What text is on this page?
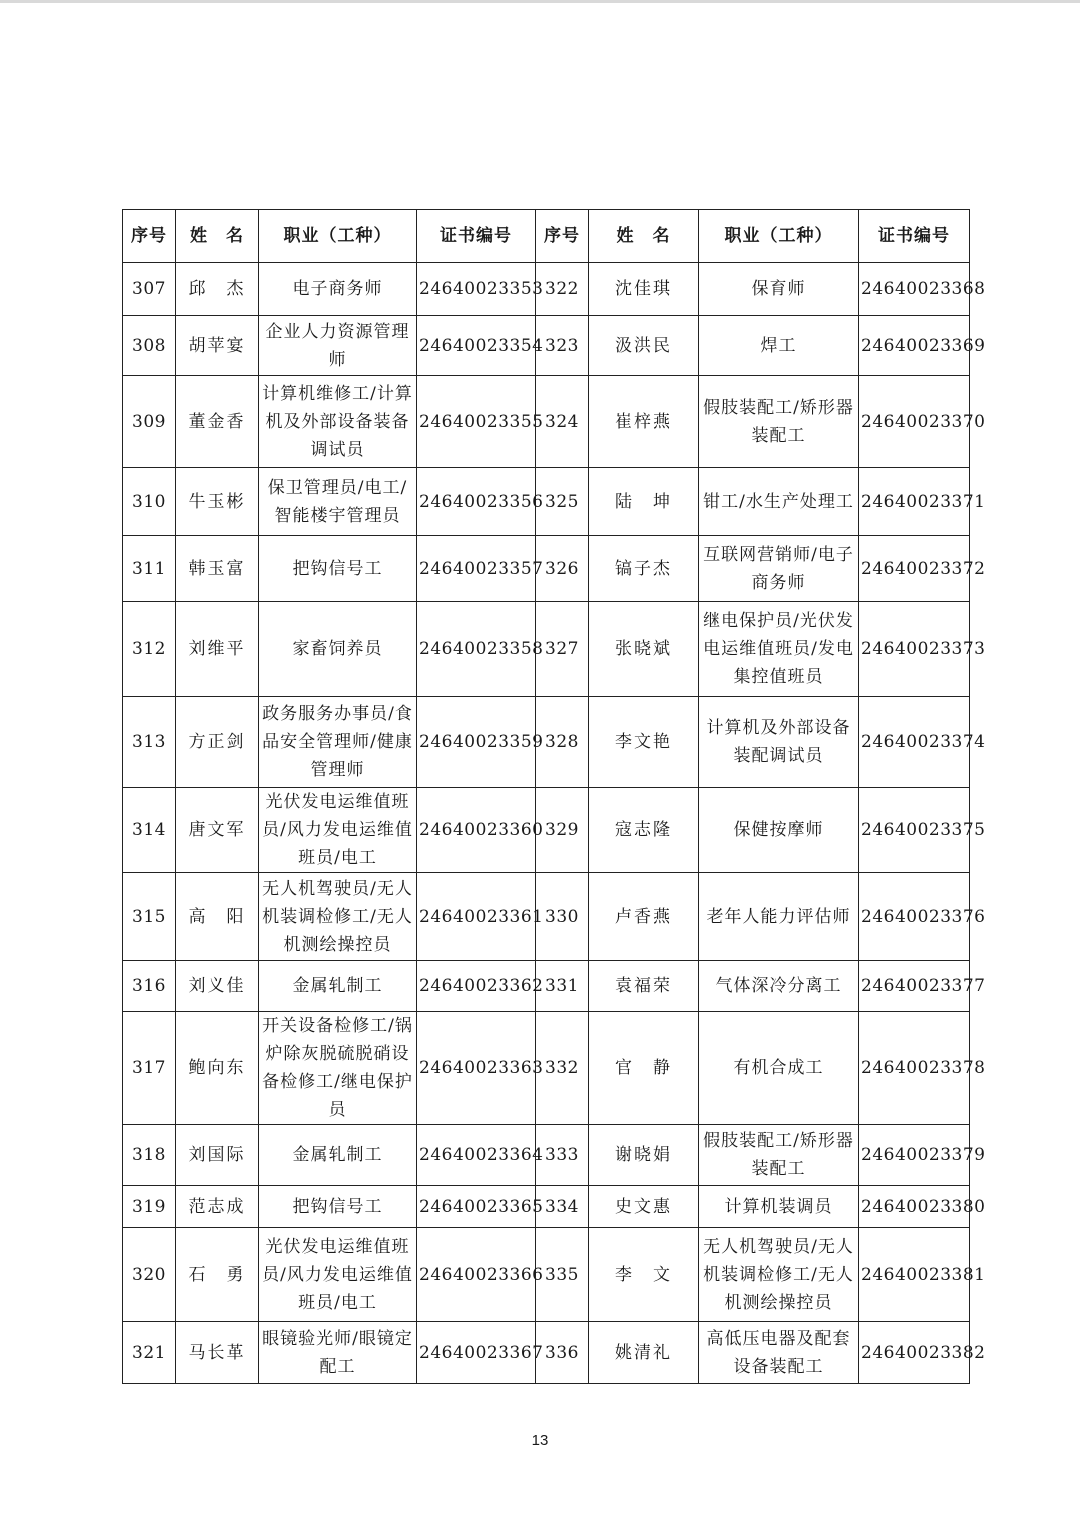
序号	姓　名	职业（工种）	证书编号	序号	姓　名	职业（工种）	证书编号
307	邱　杰	电子商务师	24640023353	322	沈佳琪	保育师	24640023368
308	胡苹宴	企业人力资源管理师	24640023354	323	汲洪民	焊工	24640023369
309	董金香	计算机维修工/计算机及外部设备装备调试员	24640023355	324	崔梓燕	假肢装配工/矫形器装配工	24640023370
310	牛玉彬	保卫管理员/电工/智能楼宇管理员	24640023356	325	陆　坤	钳工/水生产处理工	24640023371
311	韩玉富	把钩信号工	24640023357	326	镐子杰	互联网营销师/电子商务师	24640023372
312	刘维平	家畜饲养员	24640023358	327	张晓斌	继电保护员/光伏发电运维值班员/发电集控值班员	24640023373
313	方正剑	政务服务办事员/食品安全管理师/健康管理师	24640023359	328	李文艳	计算机及外部设备装配调试员	24640023374
314	唐文军	光伏发电运维值班员/风力发电运维值班员/电工	24640023360	329	寇志隆	保健按摩师	24640023375
315	高　阳	无人机驾驶员/无人机装调检修工/无人机测绘操控员	24640023361	330	卢香燕	老年人能力评估师	24640023376
316	刘义佳	金属轧制工	24640023362	331	袁福荣	气体深冷分离工	24640023377
317	鲍向东	开关设备检修工/锅炉除灰脱硫脱硝设备检修工/继电保护员	24640023363	332	官　静	有机合成工	24640023378
318	刘国际	金属轧制工	24640023364	333	谢晓娟	假肢装配工/矫形器装配工	24640023379
319	范志成	把钩信号工	24640023365	334	史文惠	计算机装调员	24640023380
320	石　勇	光伏发电运维值班员/风力发电运维值班员/电工	24640023366	335	李　文	无人机驾驶员/无人机装调检修工/无人机测绘操控员	24640023381
321	马长革	眼镜验光师/眼镜定配工	24640023367	336	姚清礼	高低压电器及配套设备装配工	24640023382
13
